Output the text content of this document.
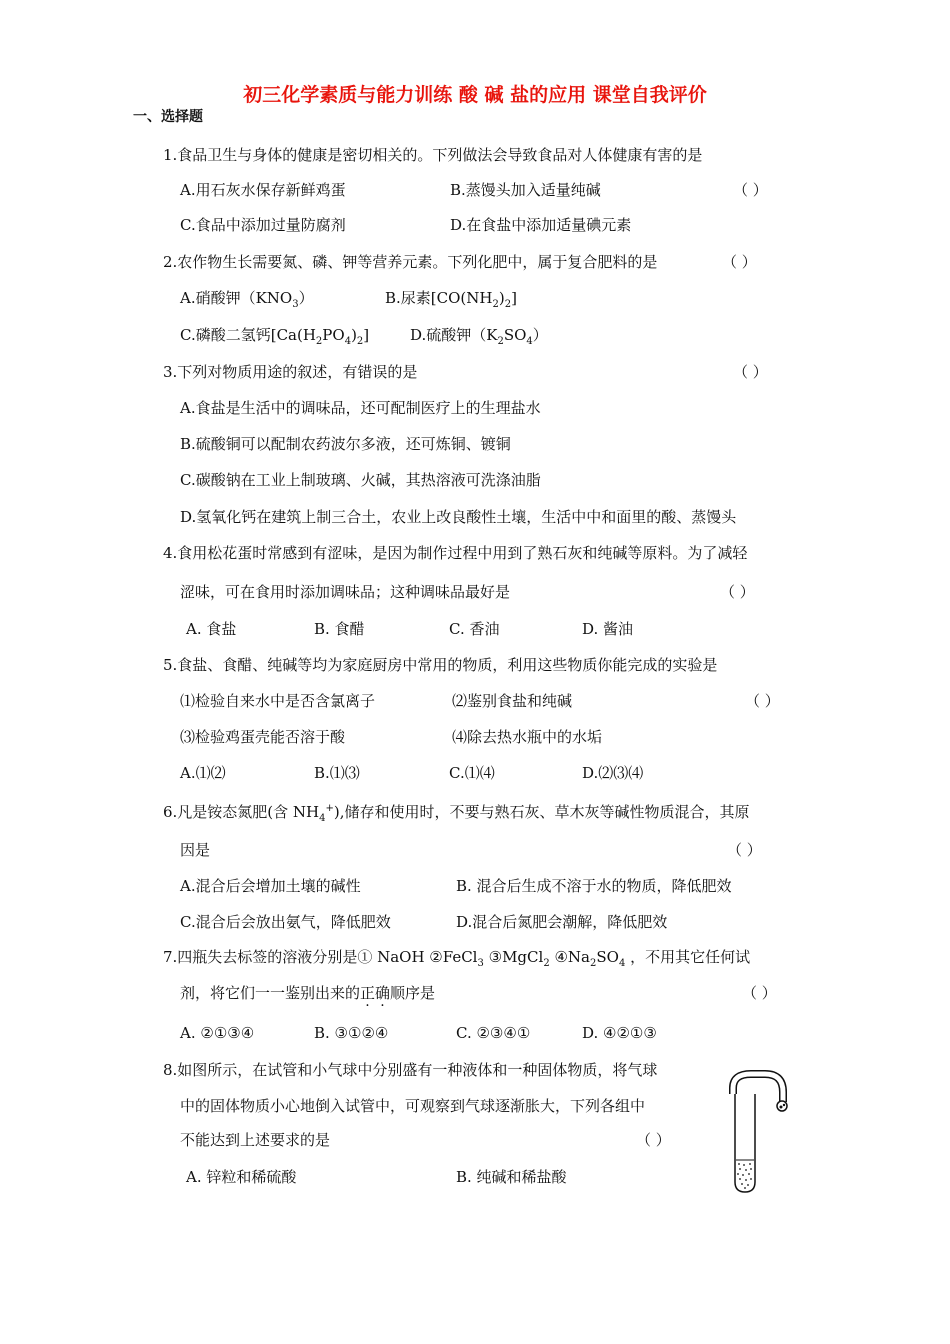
初三化学素质与能力训练 酸 碱 盐的应用 课堂自我评价
一、选择题
1.食品卫生与身体的健康是密切相关的。下列做法会导致食品对人体健康有害的是
A.用石灰水保存新鲜鸡蛋	B.蒸馒头加入适量纯碱	（ ）
C.食品中添加过量防腐剂	D.在食盐中添加适量碘元素
2.农作物生长需要氮、磷、钾等营养元素。下列化肥中，属于复合肥料的是	（ ）
A.硝酸钾$(KNO_3)$	B.尿素$[CO(NH_2)_2]$
C.磷酸二氢钙$[Ca(H_2PO_4)_2]$	D.硫酸钾$(K_2SO_4)$
3.下列对物质用途的叙述，有错误的是	（ ）
A.食盐是生活中的调味品，还可配制医疗上的生理盐水
B.硫酸铜可以配制农药波尔多液，还可炼铜、镀铜
C.碳酸钠在工业上制玻璃、火碱，其热溶液可洗涤油脂
D.氢氧化钙在建筑上制三合土，农业上改良酸性土壤，生活中中和面里的酸、蒸馒头
4.食用松花蛋时常感到有涩味，是因为制作过程中用到了熟石灰和纯碱等原料。为了减轻
涩味，可在食用时添加调味品；这种调味品最好是	（ ）
A. 食盐	B. 食醋	C. 香油	D. 酱油
5.食盐、食醋、纯碱等均为家庭厨房中常用的物质，利用这些物质你能完成的实验是
⑴检验自来水中是否含氯离子	⑵鉴别食盐和纯碱	（ ）
⑶检验鸡蛋壳能否溶于酸	⑷除去热水瓶中的水垢
A.⑴⑵	B.⑴⑶	C.⑴⑷	D.⑵⑶⑷
6.凡是铵态氮肥(含 $NH_4^+$),储存和使用时，不要与熟石灰、草木灰等碱性物质混合，其原
因是	（ ）
A.混合后会增加土壤的碱性	B. 混合后生成不溶于水的物质，降低肥效
C.混合后会放出氨气，降低肥效	D.混合后氮肥会潮解，降低肥效
7.四瓶失去标签的溶液分别是① NaOH ②FeCl$_3$ ③MgCl$_2$ $④Na_2SO_4$ ，不用其它任何试
剂，将它们一一鉴别出来的正确顺序是	（ ）
A. ②①③④	B. ③①②④	C. ②③④①	D. ④②①③
8.如图所示，在试管和小气球中分别盛有一种液体和一种固体物质，将气球
中的固体物质小心地倒入试管中，可观察到气球逐渐胀大，下列各组中
不能达到上述要求的是	（ ）
A. 锌粒和稀硫酸	B. 纯碱和稀盐酸
